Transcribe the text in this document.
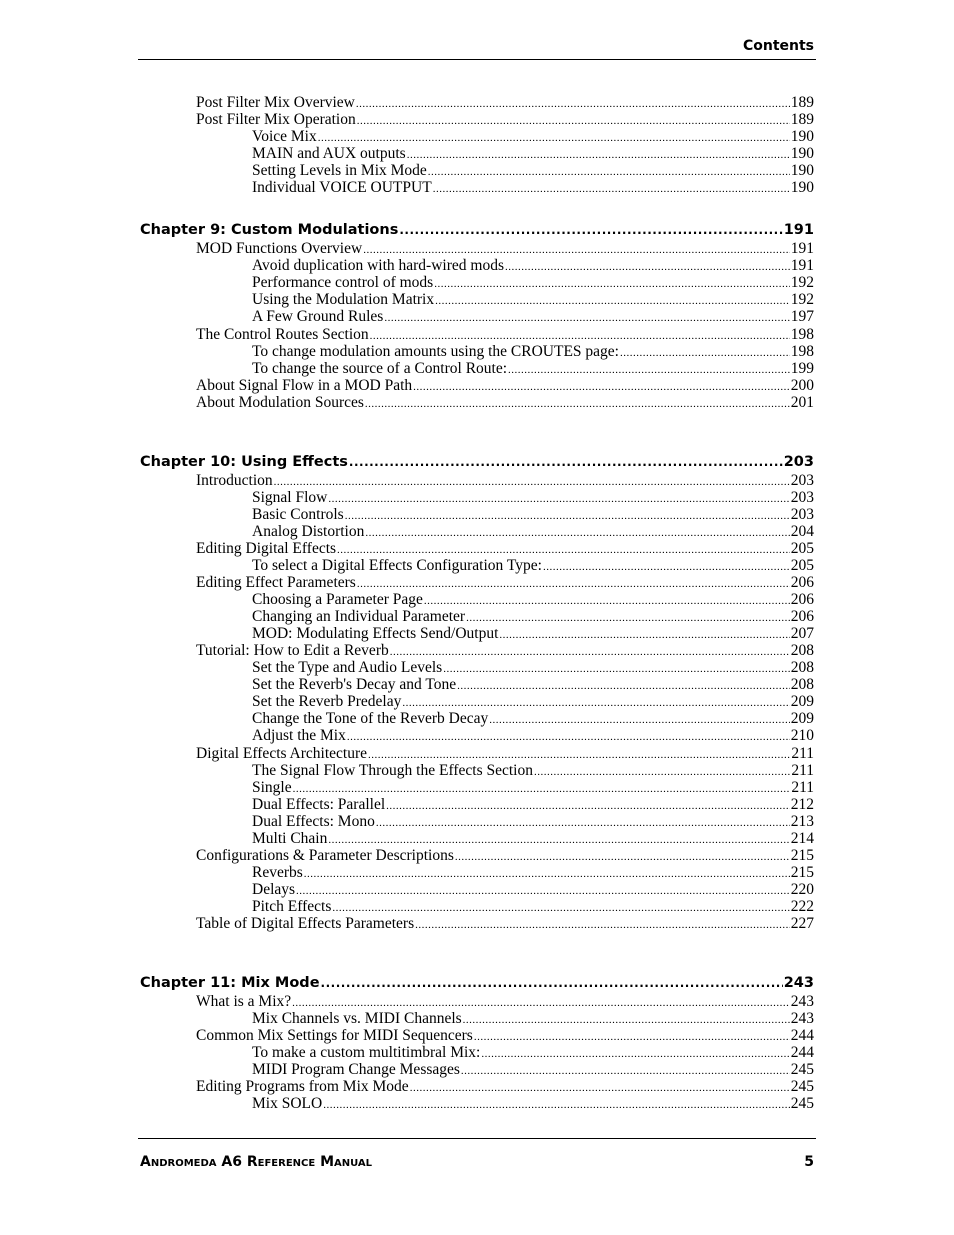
Contents
Post Filter Mix Overview .....	189
Post Filter Mix Operation .....	189
Voice Mix .....	190
MAIN and AUX outputs .....	190
Setting Levels in Mix Mode .....	190
Individual VOICE OUTPUT .....	190
Chapter 9: Custom Modulations .....	191
MOD Functions Overview .....	191
Avoid duplication with hard-wired mods .....	191
Performance control of mods .....	192
Using the Modulation Matrix .....	192
A Few Ground Rules .....	197
The Control Routes Section .....	198
To change modulation amounts using the CROUTES page: .....	198
To change the source of a Control Route: .....	199
About Signal Flow in a MOD Path .....	200
About Modulation Sources .....	201
Chapter 10: Using Effects .....	203
Introduction .....	203
Signal Flow .....	203
Basic Controls .....	203
Analog Distortion .....	204
Editing Digital Effects .....	205
To select a Digital Effects Configuration Type: .....	205
Editing Effect Parameters .....	206
Choosing a Parameter Page .....	206
Changing an Individual Parameter .....	206
MOD: Modulating Effects Send/Output .....	207
Tutorial: How to Edit a Reverb .....	208
Set the Type and Audio Levels .....	208
Set the Reverb's Decay and Tone .....	208
Set the Reverb Predelay .....	209
Change the Tone of the Reverb Decay .....	209
Adjust the Mix .....	210
Digital Effects Architecture .....	211
The Signal Flow Through the Effects Section .....	211
Single .....	211
Dual Effects: Parallel .....	212
Dual Effects: Mono .....	213
Multi Chain .....	214
Configurations & Parameter Descriptions .....	215
Reverbs .....	215
Delays .....	220
Pitch Effects .....	222
Table of Digital Effects Parameters .....	227
Chapter 11: Mix Mode .....	243
What is a Mix? .....	243
Mix Channels vs. MIDI Channels .....	243
Common Mix Settings for MIDI Sequencers .....	244
To make a custom multitimbral Mix: .....	244
MIDI Program Change Messages .....	245
Editing Programs from Mix Mode .....	245
Mix SOLO .....	245
Andromeda A6 Reference Manual	5
